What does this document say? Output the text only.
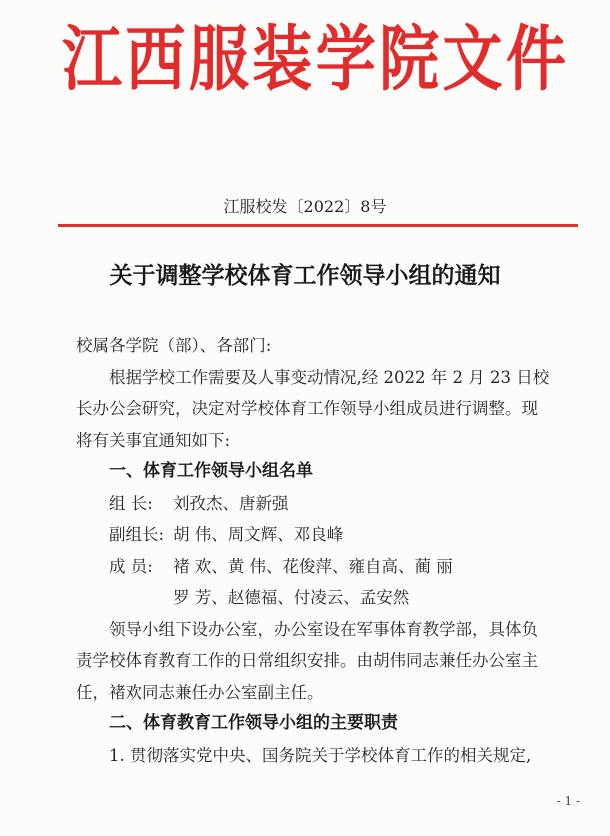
江 西 服 装 学 院 文 件
江服校发〔2022〕8号
关于调整学校体育工作领导小组的通知
校属各学院（部）、各部门:
根据学校工作需要及人事变动情况,经 2022 年 2 月 23 日校
长办公会研究，决定对学校体育工作领导小组成员进行调整。现
将有关事宜通知如下:
一、体育工作领导小组名单
组 长:	刘孜杰、唐新强
副组长: 胡 伟、周文辉、邓良峰
成 员:	褚 欢、黄 伟、花俊萍、雍自高、蔺 丽
罗 芳、赵德福、付凌云、孟安然
领导小组下设办公室，办公室设在军事体育教学部，具体负
责学校体育教育工作的日常组织安排。由胡伟同志兼任办公室主
任，褚欢同志兼任办公室副主任。
二、体育教育工作领导小组的主要职责
1. 贯彻落实党中央、国务院关于学校体育工作的相关规定,
- 1 -
